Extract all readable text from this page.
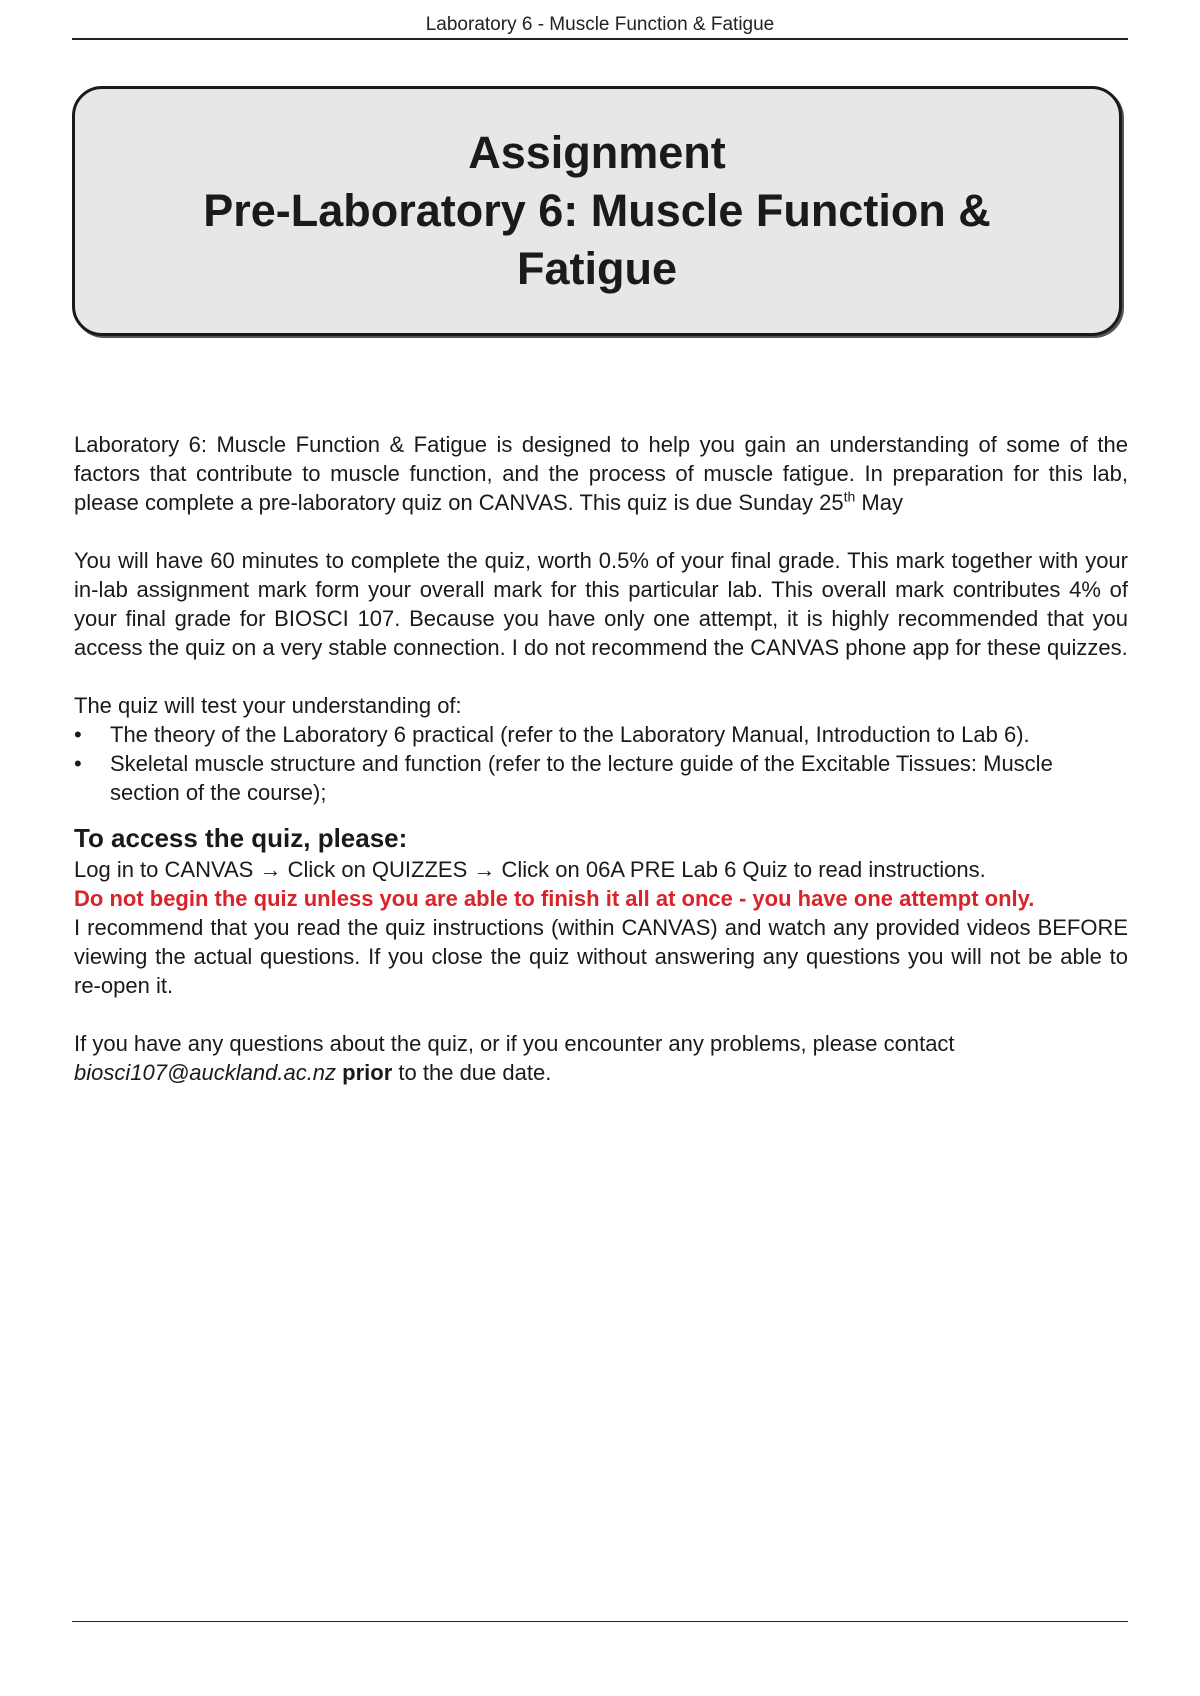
Laboratory 6 - Muscle Function & Fatigue
Assignment
Pre-Laboratory 6: Muscle Function &
Fatigue

Laboratory 6: Muscle Function & Fatigue is designed to help you gain an understanding of some of the factors that contribute to muscle function, and the process of muscle fatigue. In preparation for this lab, please complete a pre-laboratory quiz on CANVAS. This quiz is due Sunday 25th May

You will have 60 minutes to complete the quiz, worth 0.5% of your final grade. This mark together with your in-lab assignment mark form your overall mark for this particular lab. This overall mark contributes 4% of your final grade for BIOSCI 107. Because you have only one attempt, it is highly recommended that you access the quiz on a very stable connection. I do not recommend the CANVAS phone app for these quizzes.

The quiz will test your understanding of:

• The theory of the Laboratory 6 practical (refer to the Laboratory Manual, Introduction to Lab 6).
• Skeletal muscle structure and function (refer to the lecture guide of the Excitable Tissues: Muscle section of the course);
To access the quiz, please:

Log in to CANVAS → Click on QUIZZES → Click on 06A PRE Lab 6 Quiz to read instructions.

Do not begin the quiz unless you are able to finish it all at once - you have one attempt only.

I recommend that you read the quiz instructions (within CANVAS) and watch any provided videos BEFORE viewing the actual questions. If you close the quiz without answering any questions you will not be able to re-open it.

If you have any questions about the quiz, or if you encounter any problems, please contact
biosci107@auckland.ac.nz prior to the due date.
